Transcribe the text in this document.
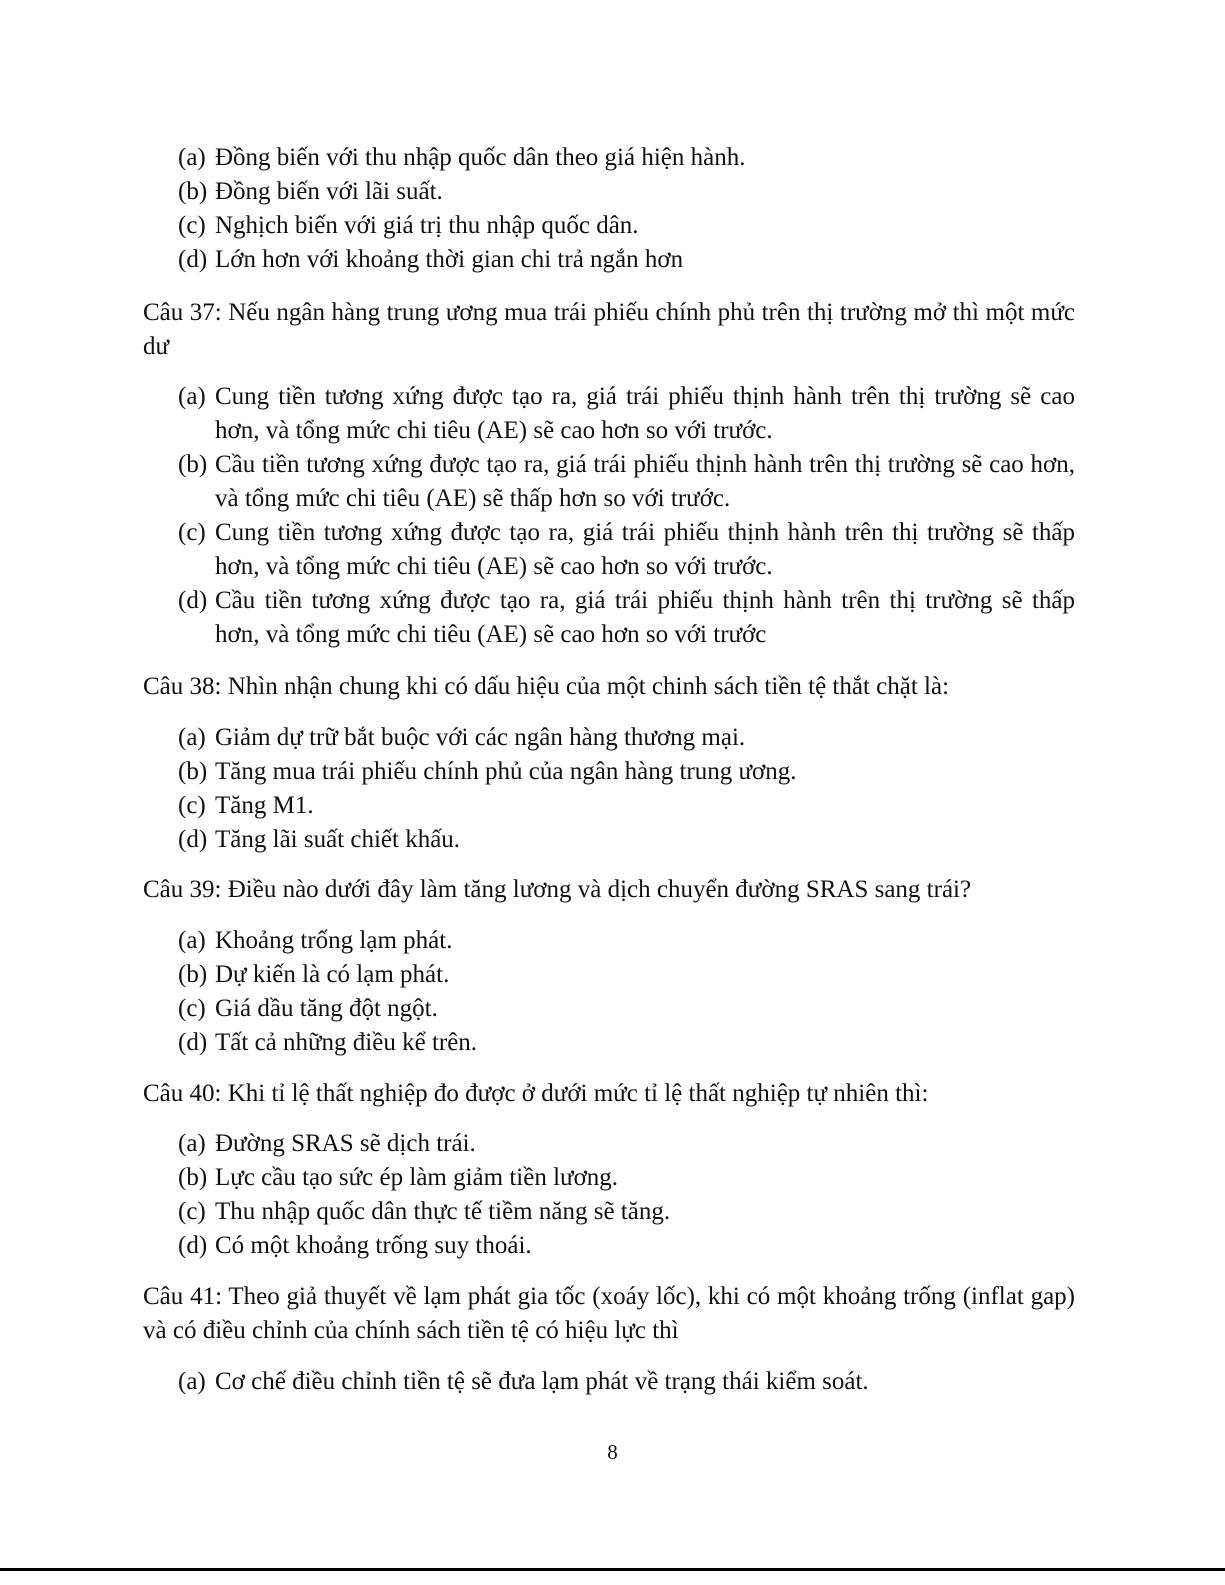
(a) Đồng biến với thu nhập quốc dân theo giá hiện hành.
(b) Đồng biến với lãi suất.
(c) Nghịch biến với giá trị thu nhập quốc dân.
(d) Lớn hơn với khoảng thời gian chi trả ngắn hơn
Câu 37: Nếu ngân hàng trung ương mua trái phiếu chính phủ trên thị trường mở thì một mức dư
(a) Cung tiền tương xứng được tạo ra, giá trái phiếu thịnh hành trên thị trường sẽ cao hơn, và tổng mức chi tiêu (AE) sẽ cao hơn so với trước.
(b) Cầu tiền tương xứng được tạo ra, giá trái phiếu thịnh hành trên thị trường sẽ cao hơn, và tổng mức chi tiêu (AE) sẽ thấp hơn so với trước.
(c) Cung tiền tương xứng được tạo ra, giá trái phiếu thịnh hành trên thị trường sẽ thấp hơn, và tổng mức chi tiêu (AE) sẽ cao hơn so với trước.
(d) Cầu tiền tương xứng được tạo ra, giá trái phiếu thịnh hành trên thị trường sẽ thấp hơn, và tổng mức chi tiêu (AE) sẽ cao hơn so với trước
Câu 38: Nhìn nhận chung khi có dấu hiệu của một chinh sách tiền tệ thắt chặt là:
(a) Giảm dự trữ bắt buộc với các ngân hàng thương mại.
(b) Tăng mua trái phiếu chính phủ của ngân hàng trung ương.
(c) Tăng M1.
(d) Tăng lãi suất chiết khấu.
Câu 39: Điều nào dưới đây làm tăng lương và dịch chuyển đường SRAS sang trái?
(a) Khoảng trống lạm phát.
(b) Dự kiến là có lạm phát.
(c) Giá dầu tăng đột ngột.
(d) Tất cả những điều kể trên.
Câu 40: Khi tỉ lệ thất nghiệp đo được ở dưới mức tỉ lệ thất nghiệp tự nhiên thì:
(a) Đường SRAS sẽ dịch trái.
(b) Lực cầu tạo sức ép làm giảm tiền lương.
(c) Thu nhập quốc dân thực tế tiềm năng sẽ tăng.
(d) Có một khoảng trống suy thoái.
Câu 41: Theo giả thuyết về lạm phát gia tốc (xoáy lốc), khi có một khoảng trống (inflat gap) và có điều chỉnh của chính sách tiền tệ có hiệu lực thì
(a) Cơ chế điều chỉnh tiền tệ sẽ đưa lạm phát về trạng thái kiểm soát.
8
